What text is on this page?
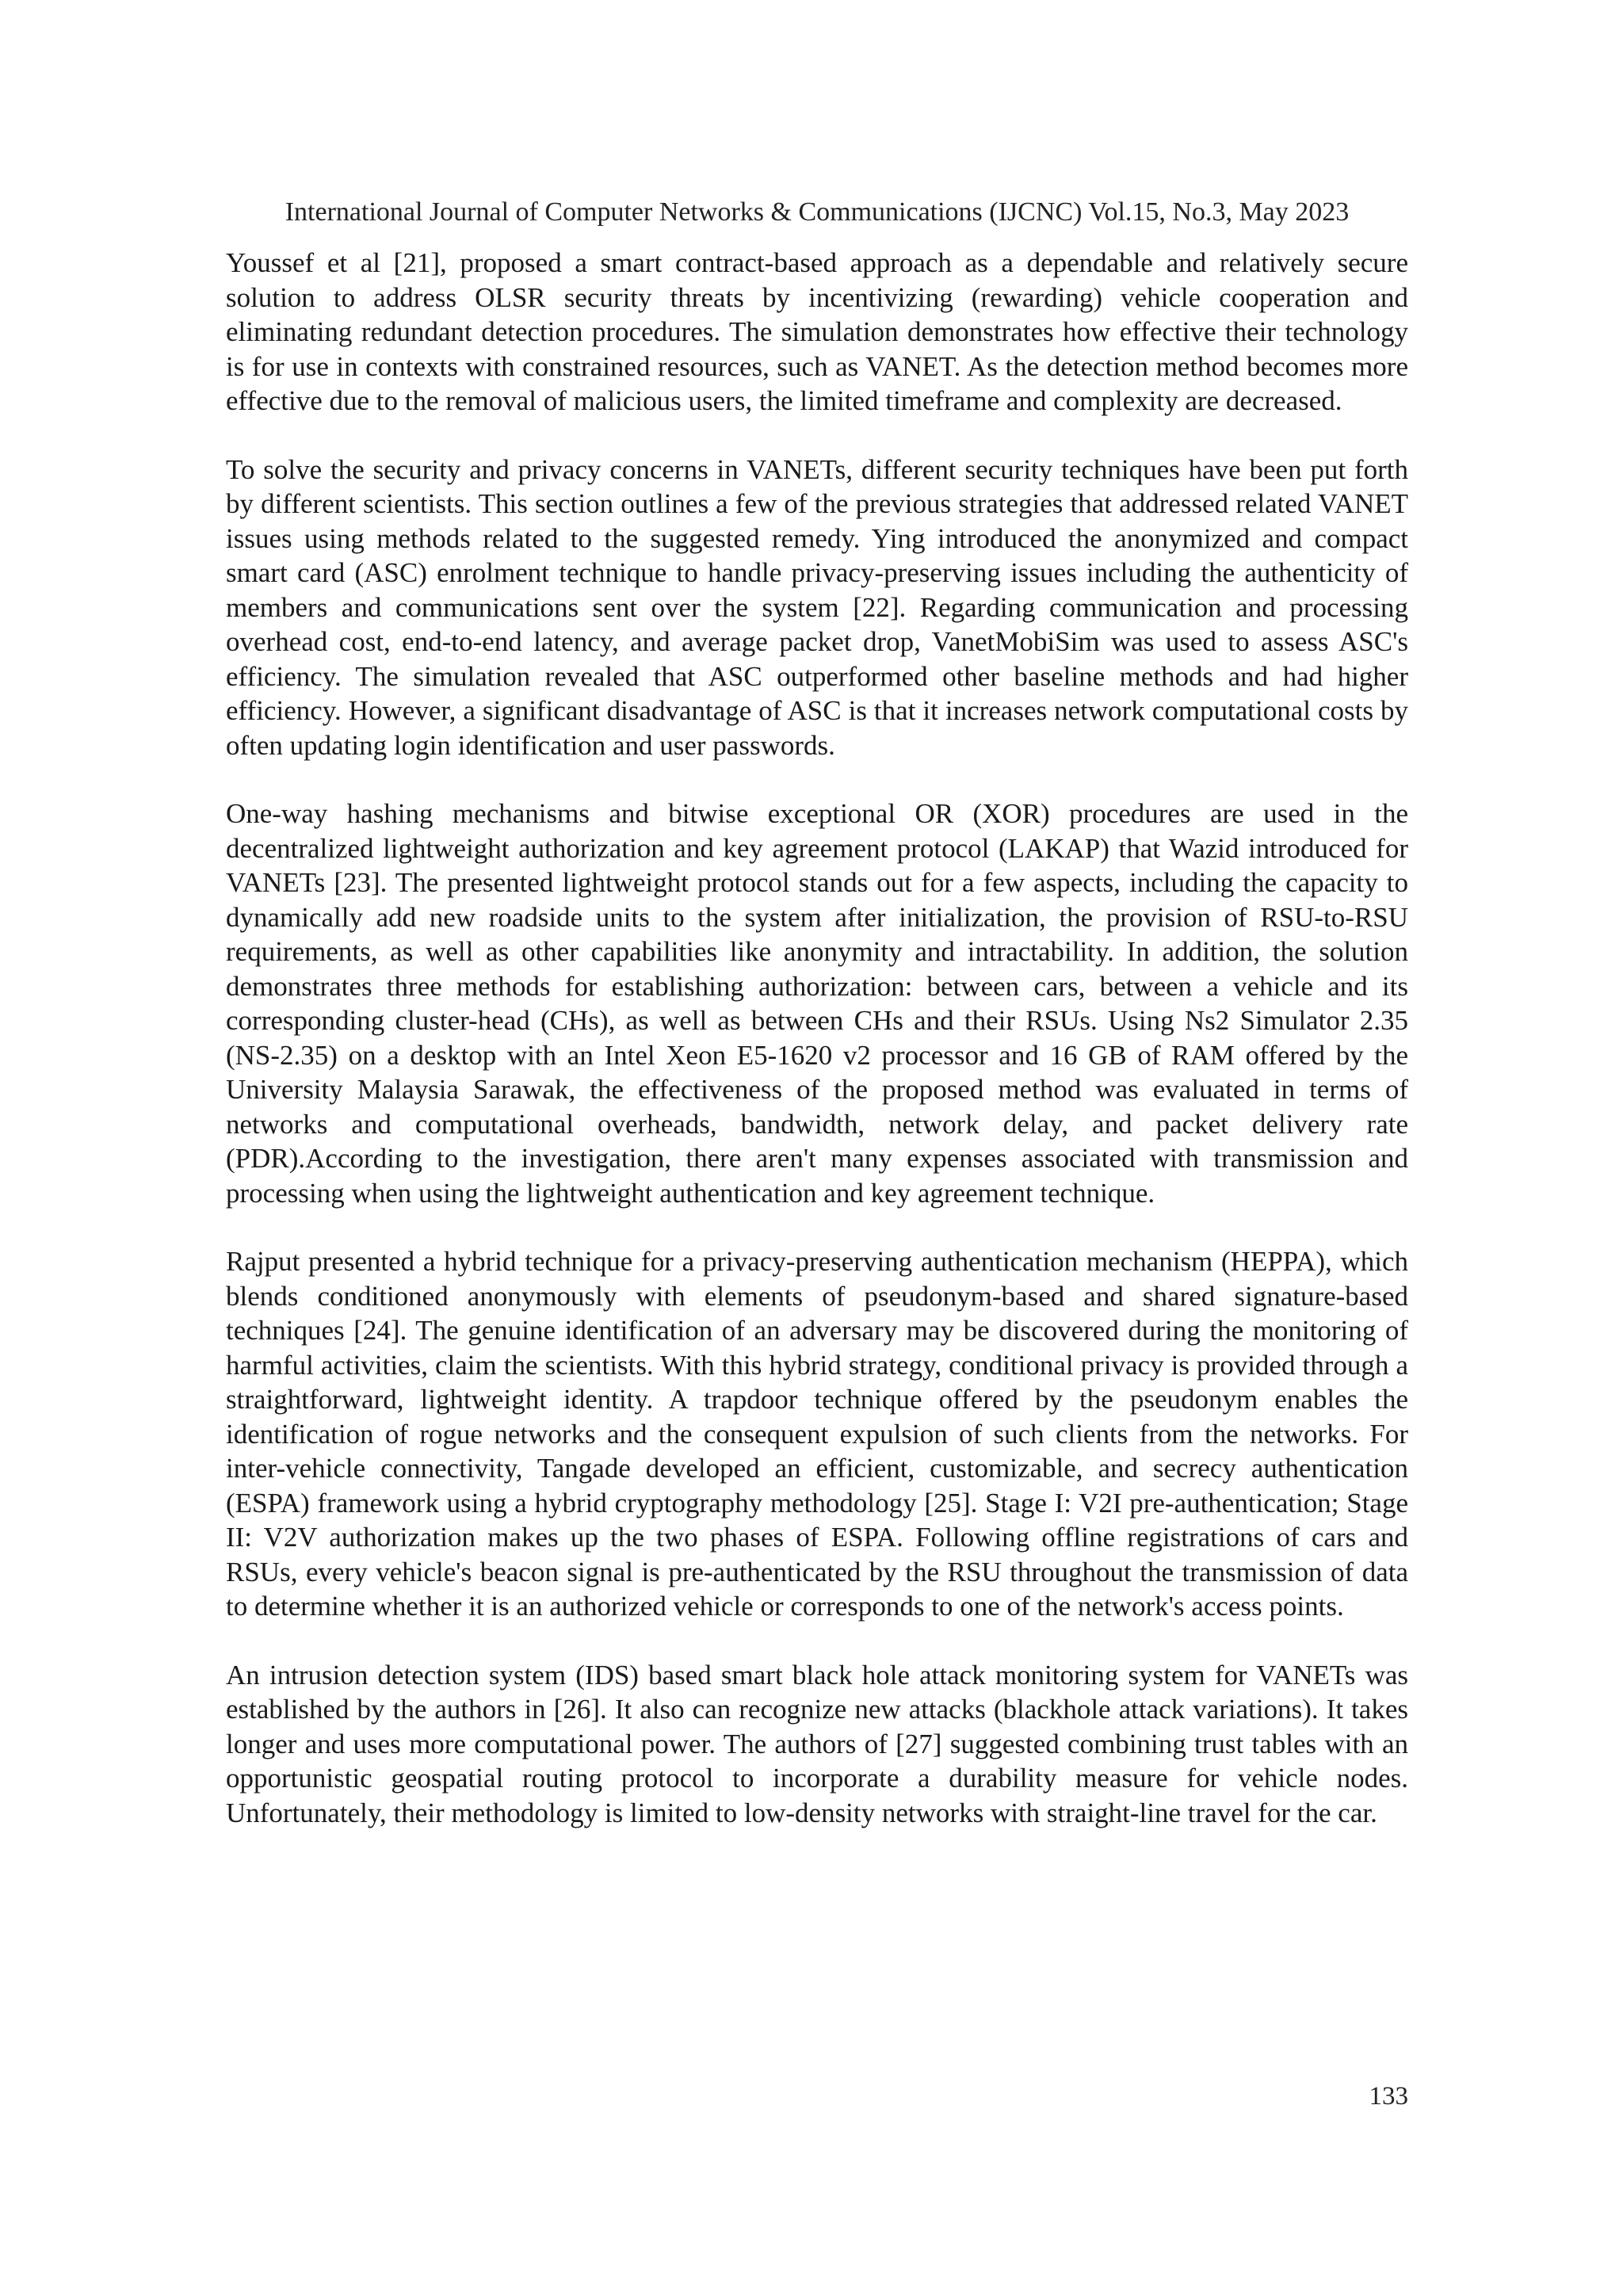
International Journal of Computer Networks & Communications (IJCNC) Vol.15, No.3, May 2023

Youssef et al [21], proposed a smart contract-based approach as a dependable and relatively secure solution to address OLSR security threats by incentivizing (rewarding) vehicle cooperation and eliminating redundant detection procedures. The simulation demonstrates how effective their technology is for use in contexts with constrained resources, such as VANET. As the detection method becomes more effective due to the removal of malicious users, the limited timeframe and complexity are decreased.

To solve the security and privacy concerns in VANETs, different security techniques have been put forth by different scientists. This section outlines a few of the previous strategies that addressed related VANET issues using methods related to the suggested remedy. Ying introduced the anonymized and compact smart card (ASC) enrolment technique to handle privacy-preserving issues including the authenticity of members and communications sent over the system [22]. Regarding communication and processing overhead cost, end-to-end latency, and average packet drop, VanetMobiSim was used to assess ASC's efficiency. The simulation revealed that ASC outperformed other baseline methods and had higher efficiency. However, a significant disadvantage of ASC is that it increases network computational costs by often updating login identification and user passwords.

One-way hashing mechanisms and bitwise exceptional OR (XOR) procedures are used in the decentralized lightweight authorization and key agreement protocol (LAKAP) that Wazid introduced for VANETs [23]. The presented lightweight protocol stands out for a few aspects, including the capacity to dynamically add new roadside units to the system after initialization, the provision of RSU-to-RSU requirements, as well as other capabilities like anonymity and intractability. In addition, the solution demonstrates three methods for establishing authorization: between cars, between a vehicle and its corresponding cluster-head (CHs), as well as between CHs and their RSUs. Using Ns2 Simulator 2.35 (NS-2.35) on a desktop with an Intel Xeon E5-1620 v2 processor and 16 GB of RAM offered by the University Malaysia Sarawak, the effectiveness of the proposed method was evaluated in terms of networks and computational overheads, bandwidth, network delay, and packet delivery rate (PDR).According to the investigation, there aren't many expenses associated with transmission and processing when using the lightweight authentication and key agreement technique.

Rajput presented a hybrid technique for a privacy-preserving authentication mechanism (HEPPA), which blends conditioned anonymously with elements of pseudonym-based and shared signature-based techniques [24]. The genuine identification of an adversary may be discovered during the monitoring of harmful activities, claim the scientists. With this hybrid strategy, conditional privacy is provided through a straightforward, lightweight identity. A trapdoor technique offered by the pseudonym enables the identification of rogue networks and the consequent expulsion of such clients from the networks. For inter-vehicle connectivity, Tangade developed an efficient, customizable, and secrecy authentication (ESPA) framework using a hybrid cryptography methodology [25]. Stage I: V2I pre-authentication; Stage II: V2V authorization makes up the two phases of ESPA. Following offline registrations of cars and RSUs, every vehicle's beacon signal is pre-authenticated by the RSU throughout the transmission of data to determine whether it is an authorized vehicle or corresponds to one of the network's access points.

An intrusion detection system (IDS) based smart black hole attack monitoring system for VANETs was established by the authors in [26]. It also can recognize new attacks (blackhole attack variations). It takes longer and uses more computational power. The authors of [27] suggested combining trust tables with an opportunistic geospatial routing protocol to incorporate a durability measure for vehicle nodes. Unfortunately, their methodology is limited to low-density networks with straight-line travel for the car.

133
